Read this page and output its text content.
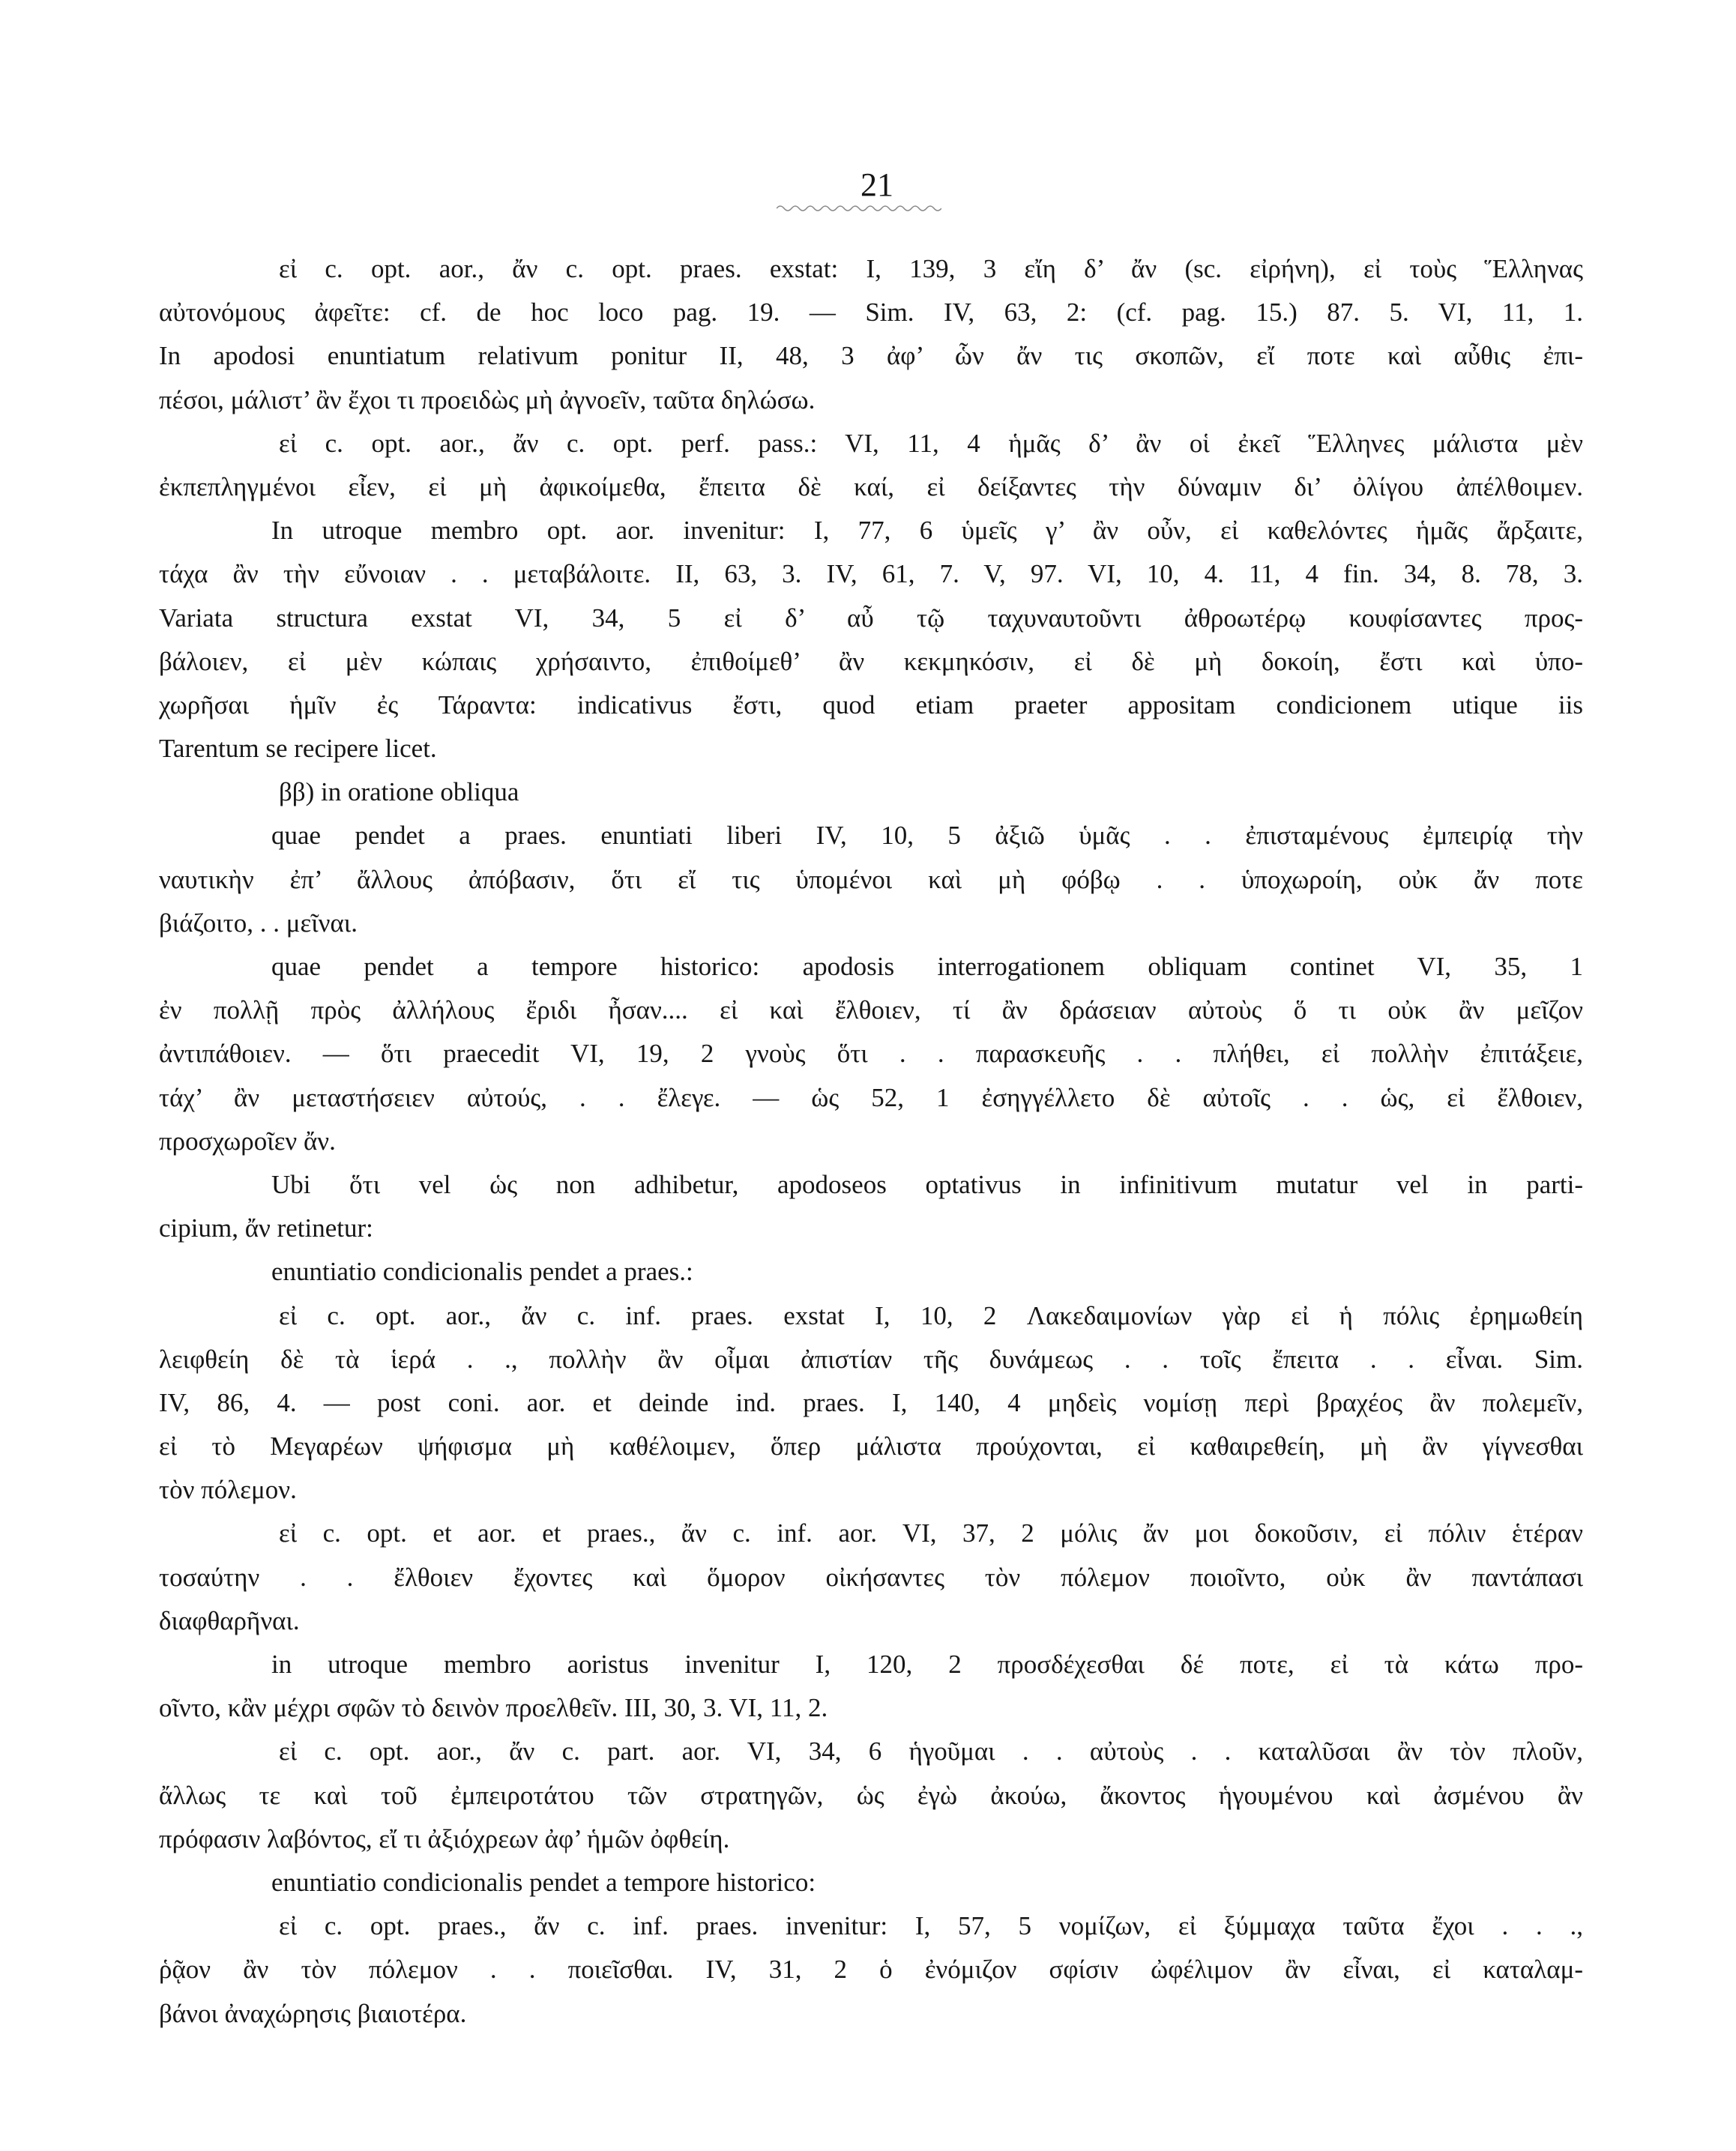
21
εἰ c. opt. aor., ἄν c. opt. praes. exstat: I, 139, 3 εἴη δ’ ἄν (sc. εἰρήνη), εἰ τοὺς Ἕλληνας
αὐτονόμους ἀφεῖτε: cf. de hoc loco pag. 19. — Sim. IV, 63, 2: (cf. pag. 15.) 87. 5. VI, 11, 1.
In apodosi enuntiatum relativum ponitur II, 48, 3 ἀφ’ ὧν ἄν τις σκοπῶν, εἴ ποτε καὶ αὖθις ἐπι-
πέσοι, μάλιστ’ ἂν ἔχοι τι προειδὼς μὴ ἀγνοεῖν, ταῦτα δηλώσω.
εἰ c. opt. aor., ἄν c. opt. perf. pass.: VI, 11, 4 ἡμᾶς δ’ ἂν οἱ ἐκεῖ Ἕλληνες μάλιστα μὲν
ἐκπεπληγμένοι εἶεν, εἰ μὴ ἀφικοίμεθα, ἔπειτα δὲ καί, εἰ δείξαντες τὴν δύναμιν δι’ ὀλίγου ἀπέλθοιμεν.
In utroque membro opt. aor. invenitur: I, 77, 6 ὑμεῖς γ’ ἂν οὖν, εἰ καθελόντες ἡμᾶς ἄρξαιτε,
τάχα ἂν τὴν εὔνοιαν . . μεταβάλοιτε. II, 63, 3. IV, 61, 7. V, 97. VI, 10, 4. 11, 4 fin. 34, 8. 78, 3.
Variata structura exstat VI, 34, 5 εἰ δ’ αὖ τῷ ταχυναυτοῦντι ἀθροωτέρῳ κουφίσαντες προς-
βάλοιεν, εἰ μὲν κώπαις χρήσαιντο, ἐπιθοίμεθ’ ἂν κεκμηκόσιν, εἰ δὲ μὴ δοκοίη, ἔστι καὶ ὑπο-
χωρῆσαι ἡμῖν ἐς Τάραντα: indicativus ἔστι, quod etiam praeter appositam condicionem utique iis
Tarentum se recipere licet.
ββ) in oratione obliqua
quae pendet a praes. enuntiati liberi IV, 10, 5 ἀξιῶ ὑμᾶς . . ἐπισταμένους ἐμπειρίᾳ τὴν
ναυτικὴν ἐπ’ ἄλλους ἀπόβασιν, ὅτι εἴ τις ὑπομένοι καὶ μὴ φόβῳ . . ὑποχωροίη, οὐκ ἄν ποτε
βιάζοιτο, . . μεῖναι.
quae pendet a tempore historico: apodosis interrogationem obliquam continet VI, 35, 1
ἐν πολλῇ πρὸς ἀλλήλους ἔριδι ἦσαν.... εἰ καὶ ἔλθοιεν, τί ἂν δράσειαν αὐτοὺς ὅ τι οὐκ ἂν μεῖζον
ἀντιπάθοιεν. — ὅτι praecedit VI, 19, 2 γνοὺς ὅτι . . παρασκευῆς . . πλήθει, εἰ πολλὴν ἐπιτάξειε,
τάχ’ ἂν μεταστήσειεν αὐτούς, . . ἔλεγε. — ὡς 52, 1 ἐσηγγέλλετο δὲ αὐτοῖς . . ὡς, εἰ ἔλθοιεν,
προσχωροῖεν ἄν.
Ubi ὅτι vel ὡς non adhibetur, apodoseos optativus in infinitivum mutatur vel in parti-
cipium, ἄν retinetur:
enuntiatio condicionalis pendet a praes.:
εἰ c. opt. aor., ἄν c. inf. praes. exstat I, 10, 2 Λακεδαιμονίων γὰρ εἰ ἡ πόλις ἐρημωθείη
λειφθείη δὲ τὰ ἱερά . ., πολλὴν ἂν οἶμαι ἀπιστίαν τῆς δυνάμεως . . τοῖς ἔπειτα . . εἶναι. Sim.
IV, 86, 4. — post coni. aor. et deinde ind. praes. I, 140, 4 μηδεὶς νομίσῃ περὶ βραχέος ἂν πολεμεῖν,
εἰ τὸ Μεγαρέων ψήφισμα μὴ καθέλοιμεν, ὅπερ μάλιστα προύχονται, εἰ καθαιρεθείη, μὴ ἂν γίγνεσθαι
τὸν πόλεμον.
εἰ c. opt. et aor. et praes., ἄν c. inf. aor. VI, 37, 2 μόλις ἄν μοι δοκοῦσιν, εἰ πόλιν ἑτέραν
τοσαύτην . . ἔλθοιεν ἔχοντες καὶ ὅμορον οἰκήσαντες τὸν πόλεμον ποιοῖντο, οὐκ ἂν παντάπασι
διαφθαρῆναι.
in utroque membro aoristus invenitur I, 120, 2 προσδέχεσθαι δέ ποτε, εἰ τὰ κάτω προ-
οῖντο, κἂν μέχρι σφῶν τὸ δεινὸν προελθεῖν. III, 30, 3. VI, 11, 2.
εἰ c. opt. aor., ἄν c. part. aor. VI, 34, 6 ἡγοῦμαι . . αὐτοὺς . . καταλῦσαι ἂν τὸν πλοῦν,
ἄλλως τε καὶ τοῦ ἐμπειροτάτου τῶν στρατηγῶν, ὡς ἐγὼ ἀκούω, ἄκοντος ἡγουμένου καὶ ἀσμένου ἂν
πρόφασιν λαβόντος, εἴ τι ἀξιόχρεων ἀφ’ ἡμῶν ὀφθείη.
enuntiatio condicionalis pendet a tempore historico:
εἰ c. opt. praes., ἄν c. inf. praes. invenitur: I, 57, 5 νομίζων, εἰ ξύμμαχα ταῦτα ἔχοι . . .,
ῥᾷον ἂν τὸν πόλεμον . . ποιεῖσθαι. IV, 31, 2 ὁ ἐνόμιζον σφίσιν ὠφέλιμον ἂν εἶναι, εἰ καταλαμ-
βάνοι ἀναχώρησις βιαιοτέρα.
